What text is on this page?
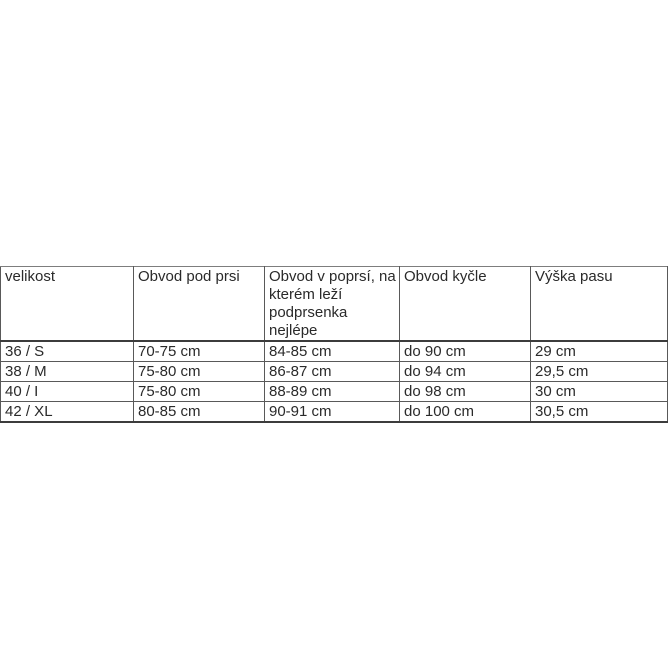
velikost	Obvod pod prsi	Obvod v poprsí, na kterém leží podprsenka nejlépe	Obvod kyčle	Výška pasu
36 / S	70-75 cm	84-85 cm	do 90 cm	29 cm
38 / M	75-80 cm	86-87 cm	do 94 cm	29,5 cm
40 / I	75-80 cm	88-89 cm	do 98 cm	30 cm
42 / XL	80-85 cm	90-91 cm	do 100 cm	30,5 cm
